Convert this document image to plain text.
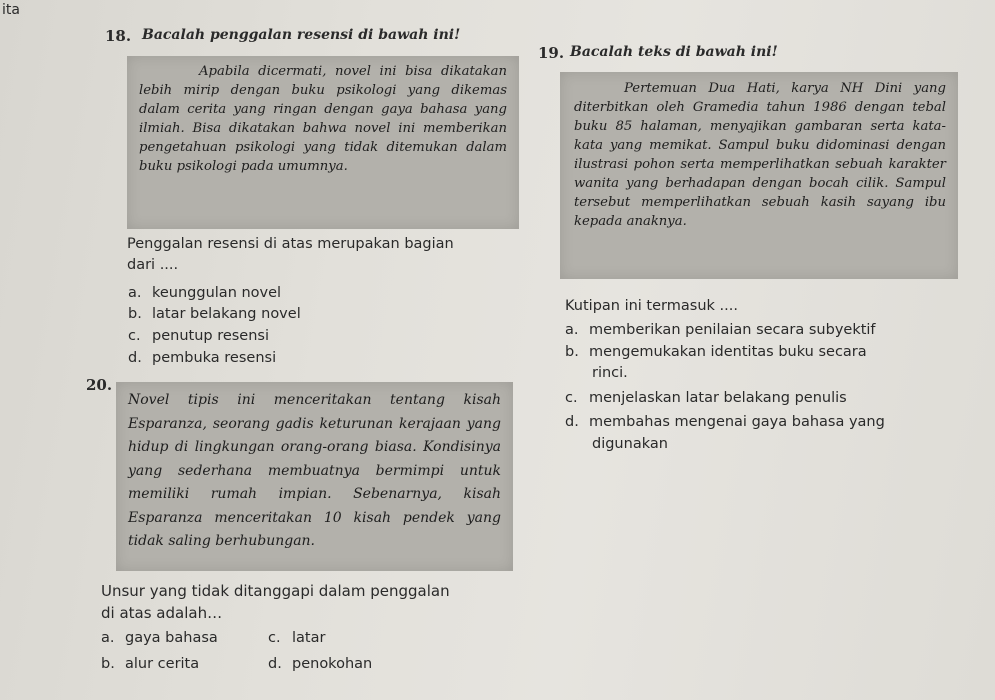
ita
18. Bacalah penggalan resensi di bawah ini!

Apabila dicermati, novel ini bisa dikatakan lebih mirip dengan buku psikologi yang dikemas dalam cerita yang ringan dengan gaya bahasa yang ilmiah. Bisa dikatakan bahwa novel ini memberikan pengetahuan psikologi yang tidak ditemukan dalam buku psikologi pada umumnya.

Penggalan resensi di atas merupakan bagian
dari ....
a. keunggulan novel
b. latar belakang novel
c. penutup resensi
d. pembuka resensi
19. Bacalah teks di bawah ini!

Pertemuan Dua Hati, karya NH Dini yang diterbitkan oleh Gramedia tahun 1986 dengan tebal buku 85 halaman, menyajikan gambaran serta kata-kata yang memikat. Sampul buku didominasi dengan ilustrasi pohon serta memperlihatkan sebuah karakter wanita yang berhadapan dengan bocah cilik. Sampul tersebut memperlihatkan sebuah kasih sayang ibu kepada anaknya.

Kutipan ini termasuk ....
a. memberikan penilaian secara subyektif
b. mengemukakan identitas buku secara
rinci.
c. menjelaskan latar belakang penulis
d. membahas mengenai gaya bahasa yang
digunakan
20.

Novel tipis ini menceritakan tentang kisah Esparanza, seorang gadis keturunan kerajaan yang hidup di lingkungan orang-orang biasa. Kondisinya yang sederhana membuatnya bermimpi untuk memiliki rumah impian. Sebenarnya, kisah Esparanza menceritakan 10 kisah pendek yang tidak saling berhubungan.

Unsur yang tidak ditanggapi dalam penggalan
di atas adalah…
a. gaya bahasa	c. latar
b. alur cerita	d. penokohan
